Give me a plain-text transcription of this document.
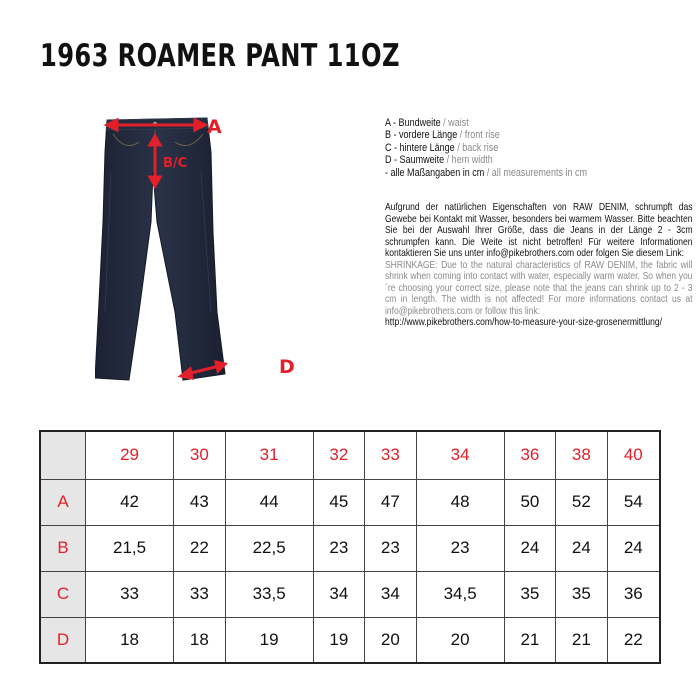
1963 ROAMER PANT 11OZ
A
B/C
D
A - Bundweite / waist
B - vordere Länge / front rise
C - hintere Länge / back rise
D - Saumweite / hem width
- alle Maßangaben in cm / all measurements in cm
Aufgrund der natürlichen Eigenschaften von RAW DENIM, schrumpft das Gewebe bei Kontakt mit Wasser, besonders bei warmem Wasser. Bitte beachten Sie bei der Auswahl Ihrer Größe, dass die Jeans in der Länge 2 - 3cm schrumpfen kann. Die Weite ist nicht betroffen! Für weitere Informationen kontaktieren Sie uns unter info@pikebrothers.com oder folgen Sie diesem Link:
SHRINKAGE: Due to the natural characteristics of RAW DENIM, the fabric will shrink when coming into contact with water, especially warm water. So when you´re choosing your correct size, please note that the jeans can shrink up to 2 - 3 cm in length. The width is not affected! For more informations contact us at info@pikebrothers.com or follow this link:
http://www.pikebrothers.com/how-to-measure-your-size-grosenermittlung/
	29	30	31	32	33	34	36	38	40
A	42	43	44	45	47	48	50	52	54
B	21,5	22	22,5	23	23	23	24	24	24
C	33	33	33,5	34	34	34,5	35	35	36
D	18	18	19	19	20	20	21	21	22
